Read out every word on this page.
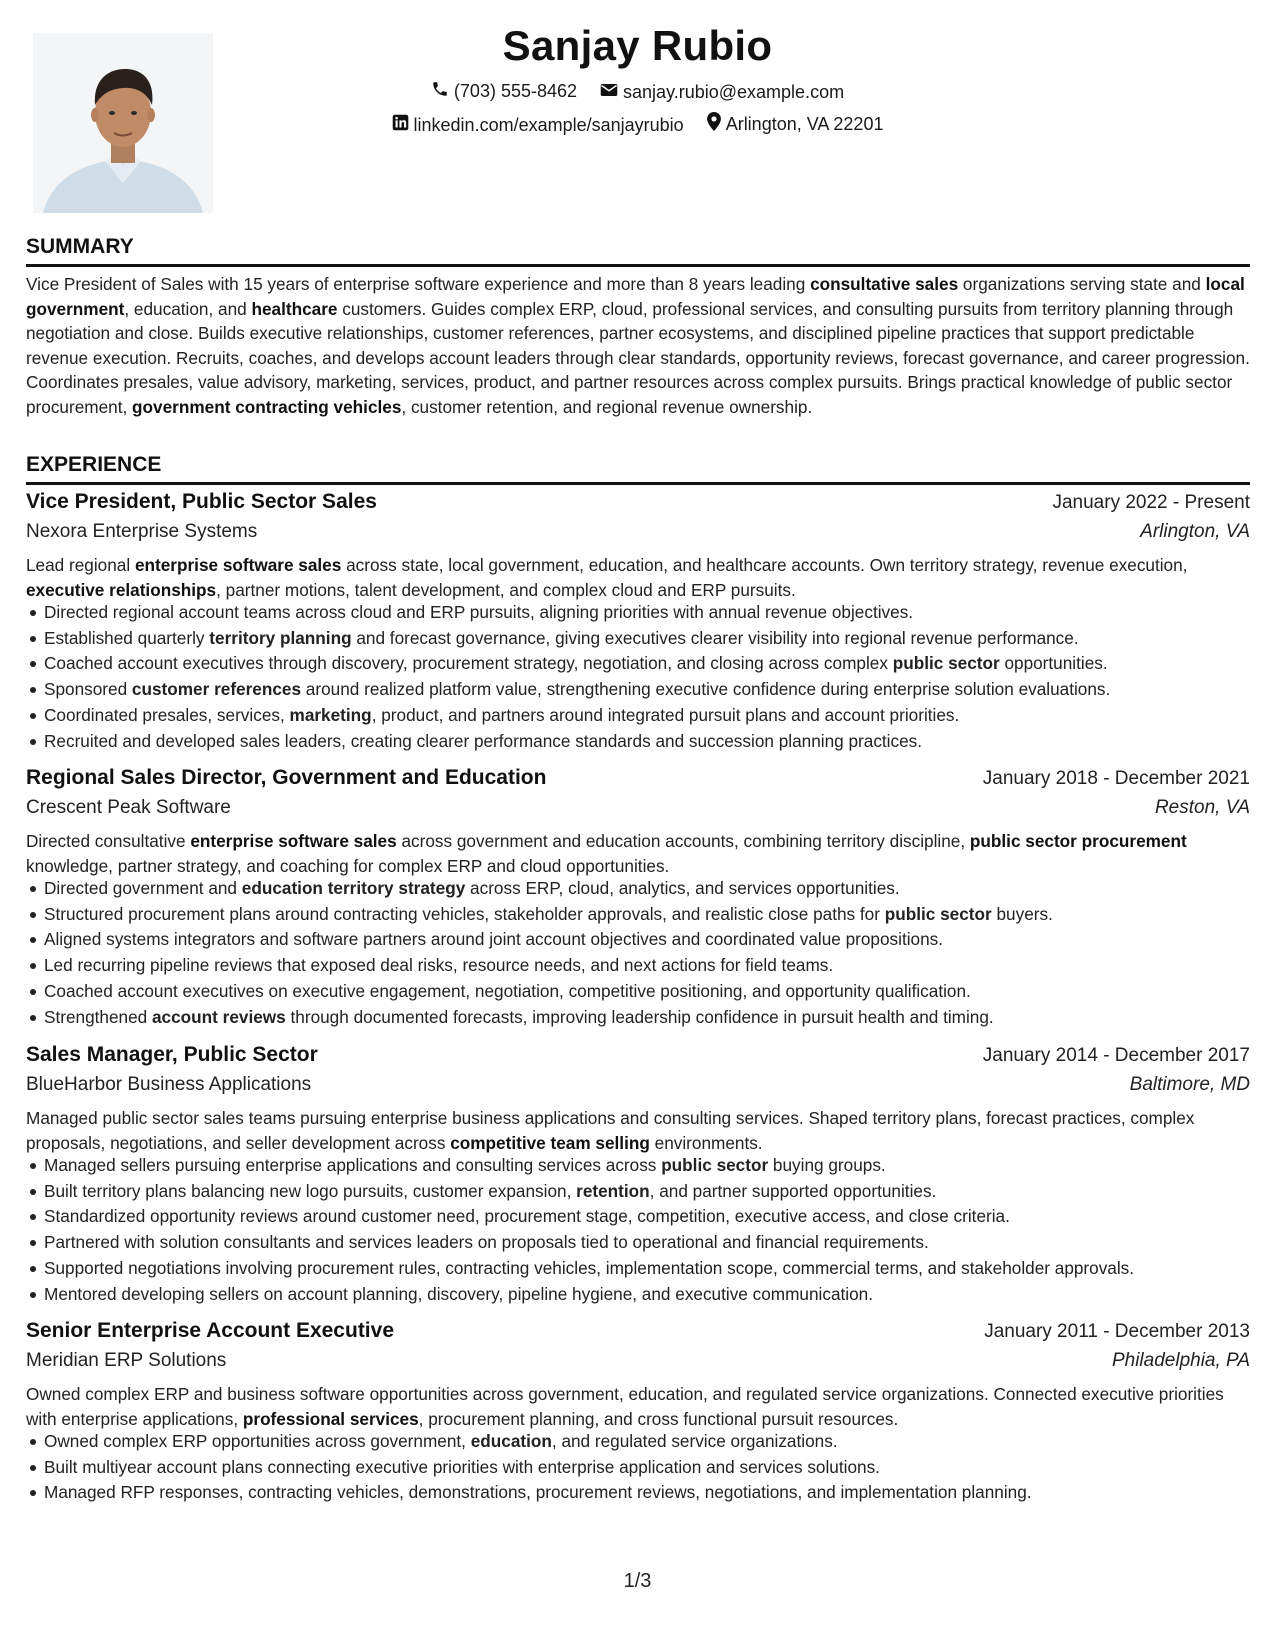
Sanjay Rubio
(703) 555-8462
	sanjay.rubio@example.com
linkedin.com/example/sanjayrubio
Arlington, VA 22201
SUMMARY
Vice President of Sales with 15 years of enterprise software experience and more than 8 years leading consultative sales organizations serving state and local government, education, and healthcare customers. Guides complex ERP, cloud, professional services, and consulting pursuits from territory planning through negotiation and close. Builds executive relationships, customer references, partner ecosystems, and disciplined pipeline practices that support predictable revenue execution. Recruits, coaches, and develops account leaders through clear standards, opportunity reviews, forecast governance, and career progression. Coordinates presales, value advisory, marketing, services, product, and partner resources across complex pursuits. Brings practical knowledge of public sector procurement, government contracting vehicles, customer retention, and regional revenue ownership.
EXPERIENCE
Vice President, Public Sector Sales	January 2022 - Present
Nexora Enterprise Systems	Arlington, VA
Lead regional enterprise software sales across state, local government, education, and healthcare accounts. Own territory strategy, revenue execution, executive relationships, partner motions, talent development, and complex cloud and ERP pursuits.
Directed regional account teams across cloud and ERP pursuits, aligning priorities with annual revenue objectives.
Established quarterly territory planning and forecast governance, giving executives clearer visibility into regional revenue performance.
Coached account executives through discovery, procurement strategy, negotiation, and closing across complex public sector opportunities.
Sponsored customer references around realized platform value, strengthening executive confidence during enterprise solution evaluations.
Coordinated presales, services, marketing, product, and partners around integrated pursuit plans and account priorities.
Recruited and developed sales leaders, creating clearer performance standards and succession planning practices.
Regional Sales Director, Government and Education	January 2018 - December 2021
Crescent Peak Software	Reston, VA
Directed consultative enterprise software sales across government and education accounts, combining territory discipline, public sector procurement knowledge, partner strategy, and coaching for complex ERP and cloud opportunities.
Directed government and education territory strategy across ERP, cloud, analytics, and services opportunities.
Structured procurement plans around contracting vehicles, stakeholder approvals, and realistic close paths for public sector buyers.
Aligned systems integrators and software partners around joint account objectives and coordinated value propositions.
Led recurring pipeline reviews that exposed deal risks, resource needs, and next actions for field teams.
Coached account executives on executive engagement, negotiation, competitive positioning, and opportunity qualification.
Strengthened account reviews through documented forecasts, improving leadership confidence in pursuit health and timing.
Sales Manager, Public Sector	January 2014 - December 2017
BlueHarbor Business Applications	Baltimore, MD
Managed public sector sales teams pursuing enterprise business applications and consulting services. Shaped territory plans, forecast practices, complex proposals, negotiations, and seller development across competitive team selling environments.
Managed sellers pursuing enterprise applications and consulting services across public sector buying groups.
Built territory plans balancing new logo pursuits, customer expansion, retention, and partner supported opportunities.
Standardized opportunity reviews around customer need, procurement stage, competition, executive access, and close criteria.
Partnered with solution consultants and services leaders on proposals tied to operational and financial requirements.
Supported negotiations involving procurement rules, contracting vehicles, implementation scope, commercial terms, and stakeholder approvals.
Mentored developing sellers on account planning, discovery, pipeline hygiene, and executive communication.
Senior Enterprise Account Executive	January 2011 - December 2013
Meridian ERP Solutions	Philadelphia, PA
Owned complex ERP and business software opportunities across government, education, and regulated service organizations. Connected executive priorities with enterprise applications, professional services, procurement planning, and cross functional pursuit resources.
Owned complex ERP opportunities across government, education, and regulated service organizations.
Built multiyear account plans connecting executive priorities with enterprise application and services solutions.
Managed RFP responses, contracting vehicles, demonstrations, procurement reviews, negotiations, and implementation planning.
1/3
